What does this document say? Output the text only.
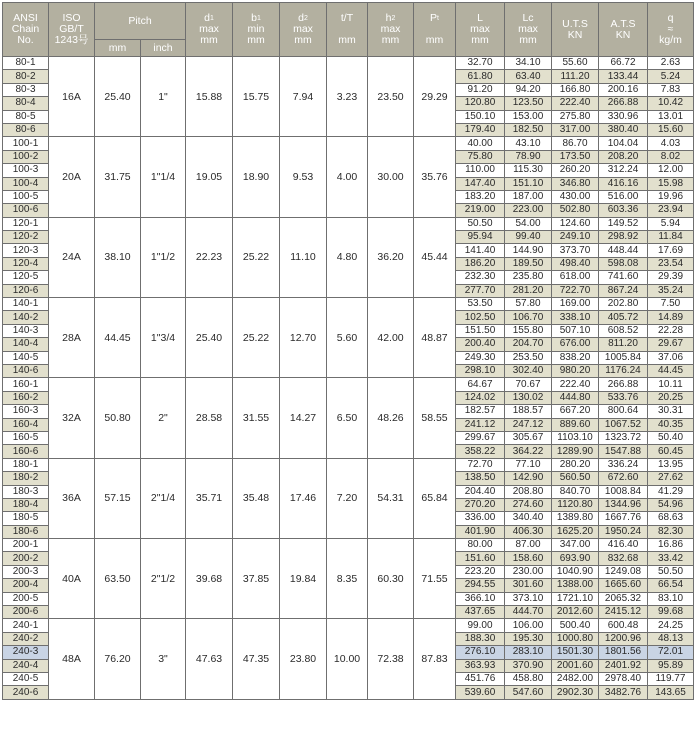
ANSI
Chain
No.	ISO
GB/T
1243号	Pitch		d1
max
mm	b1
min
mm	d2
max
mm	t/T

mm	h2
max
mm	Pt

mm	L
max
mm	Lc
max
mm	U.T.S
KN	A.T.S
KN	q
≈
kg/m
		mm	inch											
80-1	16A	25.40	1"	15.88	15.75	7.94	3.23	23.50	29.29	32.70	34.10	55.60	66.72	2.63
80-2										61.80	63.40	111.20	133.44	5.24
80-3										91.20	94.20	166.80	200.16	7.83
80-4										120.80	123.50	222.40	266.88	10.42
80-5										150.10	153.00	275.80	330.96	13.01
80-6										179.40	182.50	317.00	380.40	15.60
100-1	20A	31.75	1"1/4	19.05	18.90	9.53	4.00	30.00	35.76	40.00	43.10	86.70	104.04	4.03
100-2										75.80	78.90	173.50	208.20	8.02
100-3										110.00	115.30	260.20	312.24	12.00
100-4										147.40	151.10	346.80	416.16	15.98
100-5										183.20	187.00	430.00	516.00	19.96
100-6										219.00	223.00	502.80	603.36	23.94
120-1	24A	38.10	1"1/2	22.23	25.22	11.10	4.80	36.20	45.44	50.50	54.00	124.60	149.52	5.94
120-2										95.94	99.40	249.10	298.92	11.84
120-3										141.40	144.90	373.70	448.44	17.69
120-4										186.20	189.50	498.40	598.08	23.54
120-5										232.30	235.80	618.00	741.60	29.39
120-6										277.70	281.20	722.70	867.24	35.24
140-1	28A	44.45	1"3/4	25.40	25.22	12.70	5.60	42.00	48.87	53.50	57.80	169.00	202.80	7.50
140-2										102.50	106.70	338.10	405.72	14.89
140-3										151.50	155.80	507.10	608.52	22.28
140-4										200.40	204.70	676.00	811.20	29.67
140-5										249.30	253.50	838.20	1005.84	37.06
140-6										298.10	302.40	980.20	1176.24	44.45
160-1	32A	50.80	2"	28.58	31.55	14.27	6.50	48.26	58.55	64.67	70.67	222.40	266.88	10.11
160-2										124.02	130.02	444.80	533.76	20.25
160-3										182.57	188.57	667.20	800.64	30.31
160-4										241.12	247.12	889.60	1067.52	40.35
160-5										299.67	305.67	1103.10	1323.72	50.40
160-6										358.22	364.22	1289.90	1547.88	60.45
180-1	36A	57.15	2"1/4	35.71	35.48	17.46	7.20	54.31	65.84	72.70	77.10	280.20	336.24	13.95
180-2										138.50	142.90	560.50	672.60	27.62
180-3										204.40	208.80	840.70	1008.84	41.29
180-4										270.20	274.60	1120.80	1344.96	54.96
180-5										336.00	340.40	1389.80	1667.76	68.63
180-6										401.90	406.30	1625.20	1950.24	82.30
200-1	40A	63.50	2"1/2	39.68	37.85	19.84	8.35	60.30	71.55	80.00	87.00	347.00	416.40	16.86
200-2										151.60	158.60	693.90	832.68	33.42
200-3										223.20	230.00	1040.90	1249.08	50.50
200-4										294.55	301.60	1388.00	1665.60	66.54
200-5										366.10	373.10	1721.10	2065.32	83.10
200-6										437.65	444.70	2012.60	2415.12	99.68
240-1	48A	76.20	3"	47.63	47.35	23.80	10.00	72.38	87.83	99.00	106.00	500.40	600.48	24.25
240-2										188.30	195.30	1000.80	1200.96	48.13
240-3										276.10	283.10	1501.30	1801.56	72.01
240-4										363.93	370.90	2001.60	2401.92	95.89
240-5										451.76	458.80	2482.00	2978.40	119.77
240-6										539.60	547.60	2902.30	3482.76	143.65
